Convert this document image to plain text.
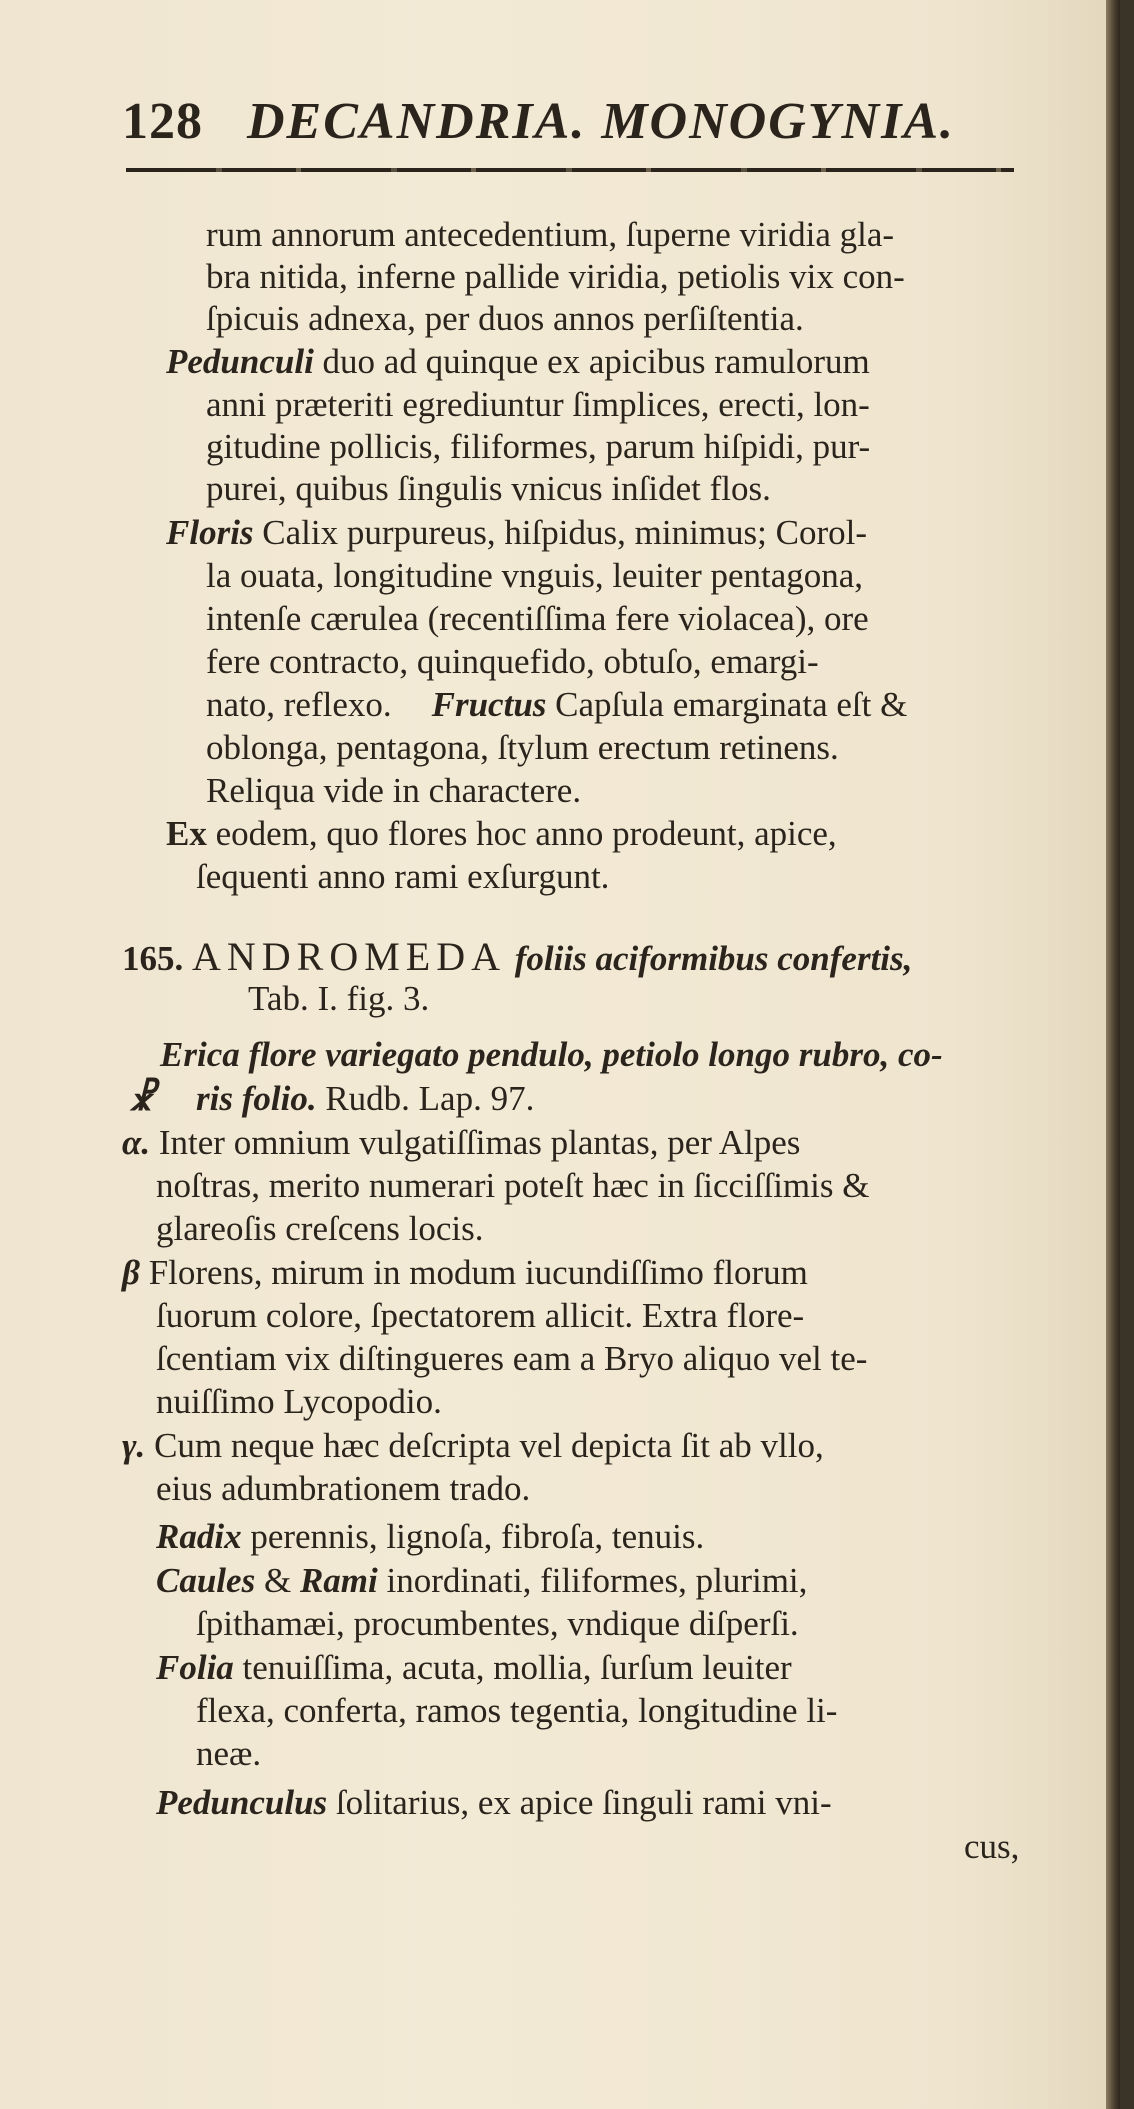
128 DECANDRIA. MONOGYNIA.
rum annorum antecedentium, ſuperne viridia gla-
bra nitida, inferne pallide viridia, petiolis vix con-
ſpicuis adnexa, per duos annos perſiſtentia.
Pedunculi duo ad quinque ex apicibus ramulorum
anni præteriti egrediuntur ſimplices, erecti, lon-
gitudine pollicis, filiformes, parum hiſpidi, pur-
purei, quibus ſingulis vnicus inſidet flos.
Floris Calix purpureus, hiſpidus, minimus; Corol-
la ouata, longitudine vnguis, leuiter pentagona,
intenſe cærulea (recentiſſima fere violacea), ore
fere contracto, quinquefido, obtuſo, emargi-
nato, reflexo. Fructus Capſula emarginata eſt &
oblonga, pentagona, ſtylum erectum retinens.
Reliqua vide in charactere.
Ex eodem, quo flores hoc anno prodeunt, apice,
ſequenti anno rami exſurgunt.
165. ANDROMEDA foliis aciformibus confertis,
Tab. I. fig. 3.
Erica flore variegato pendulo, petiolo longo rubro, co-
☧ ris folio. Rudb. Lap. 97.
α. Inter omnium vulgatiſſimas plantas, per Alpes
noſtras, merito numerari poteſt hæc in ſicciſſimis &
glareoſis creſcens locis.
β Florens, mirum in modum iucundiſſimo florum
ſuorum colore, ſpectatorem allicit. Extra flore-
ſcentiam vix diſtingueres eam a Bryo aliquo vel te-
nuiſſimo Lycopodio.
γ. Cum neque hæc deſcripta vel depicta ſit ab vllo,
eius adumbrationem trado.
Radix perennis, lignoſa, fibroſa, tenuis.
Caules & Rami inordinati, filiformes, plurimi,
ſpithamæi, procumbentes, vndique diſperſi.
Folia tenuiſſima, acuta, mollia, ſurſum leuiter
flexa, conferta, ramos tegentia, longitudine li-
neæ.
Pedunculus ſolitarius, ex apice ſinguli rami vni-
cus,
